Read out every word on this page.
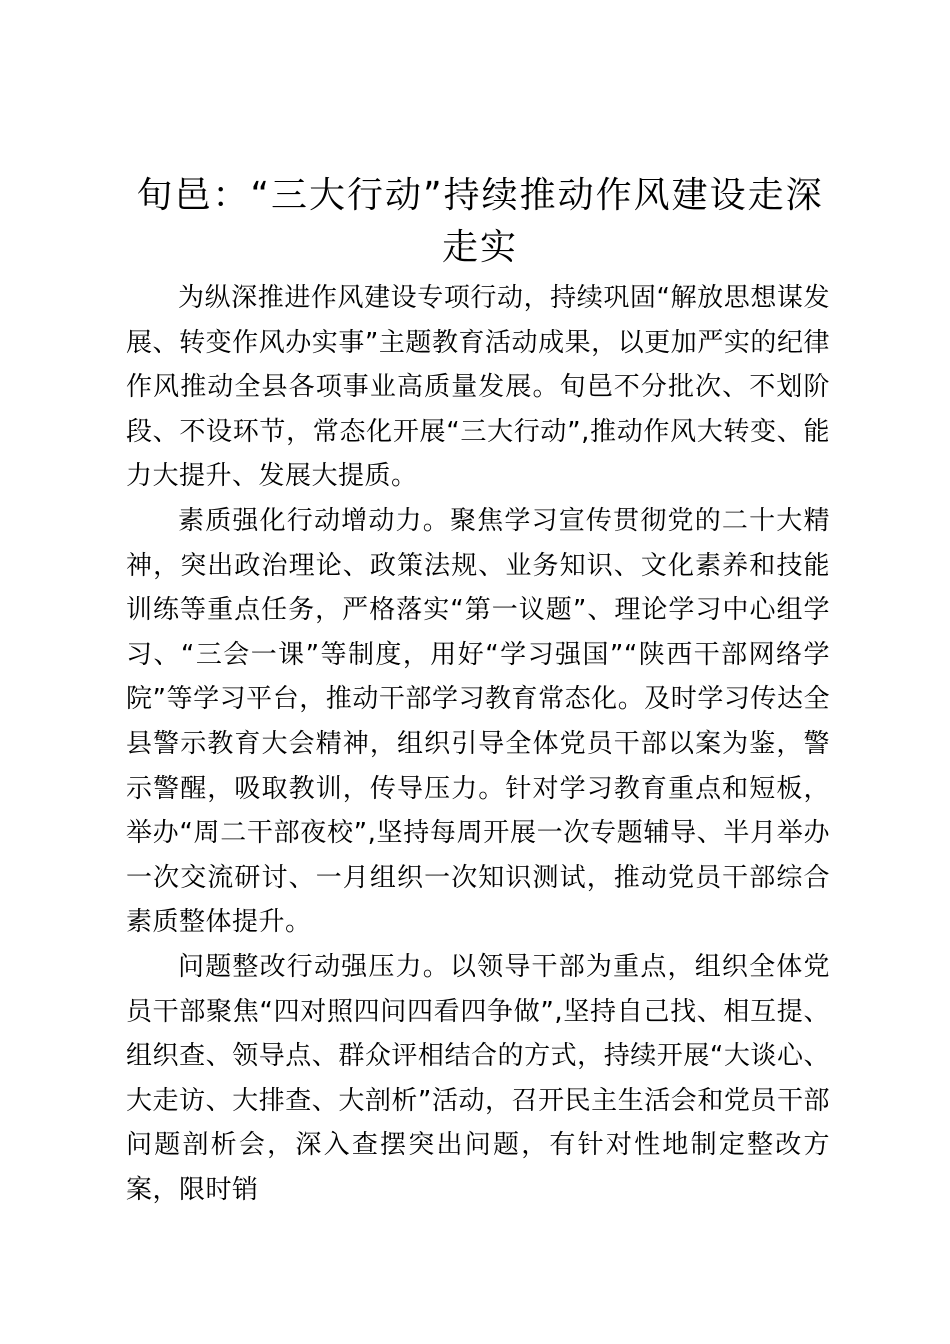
旬邑：“三大行动”持续推动作风建设走深走实

为纵深推进作风建设专项行动，持续巩固“解放思想谋发展、转变作风办实事”主题教育活动成果，以更加严实的纪律作风推动全县各项事业高质量发展。旬邑不分批次、不划阶段、不设环节，常态化开展“三大行动”,推动作风大转变、能力大提升、发展大提质。

素质强化行动增动力。聚焦学习宣传贯彻党的二十大精神，突出政治理论、政策法规、业务知识、文化素养和技能训练等重点任务，严格落实“第一议题”、理论学习中心组学习、“三会一课”等制度，用好“学习强国”“陕西干部网络学院”等学习平台，推动干部学习教育常态化。及时学习传达全县警示教育大会精神，组织引导全体党员干部以案为鉴，警示警醒，吸取教训，传导压力。针对学习教育重点和短板，举办“周二干部夜校”,坚持每周开展一次专题辅导、半月举办一次交流研讨、一月组织一次知识测试，推动党员干部综合素质整体提升。

问题整改行动强压力。以领导干部为重点，组织全体党员干部聚焦“四对照四问四看四争做”,坚持自己找、相互提、组织查、领导点、群众评相结合的方式，持续开展“大谈心、大走访、大排查、大剖析”活动，召开民主生活会和党员干部问题剖析会，深入查摆突出问题，有针对性地制定整改方案，限时销
